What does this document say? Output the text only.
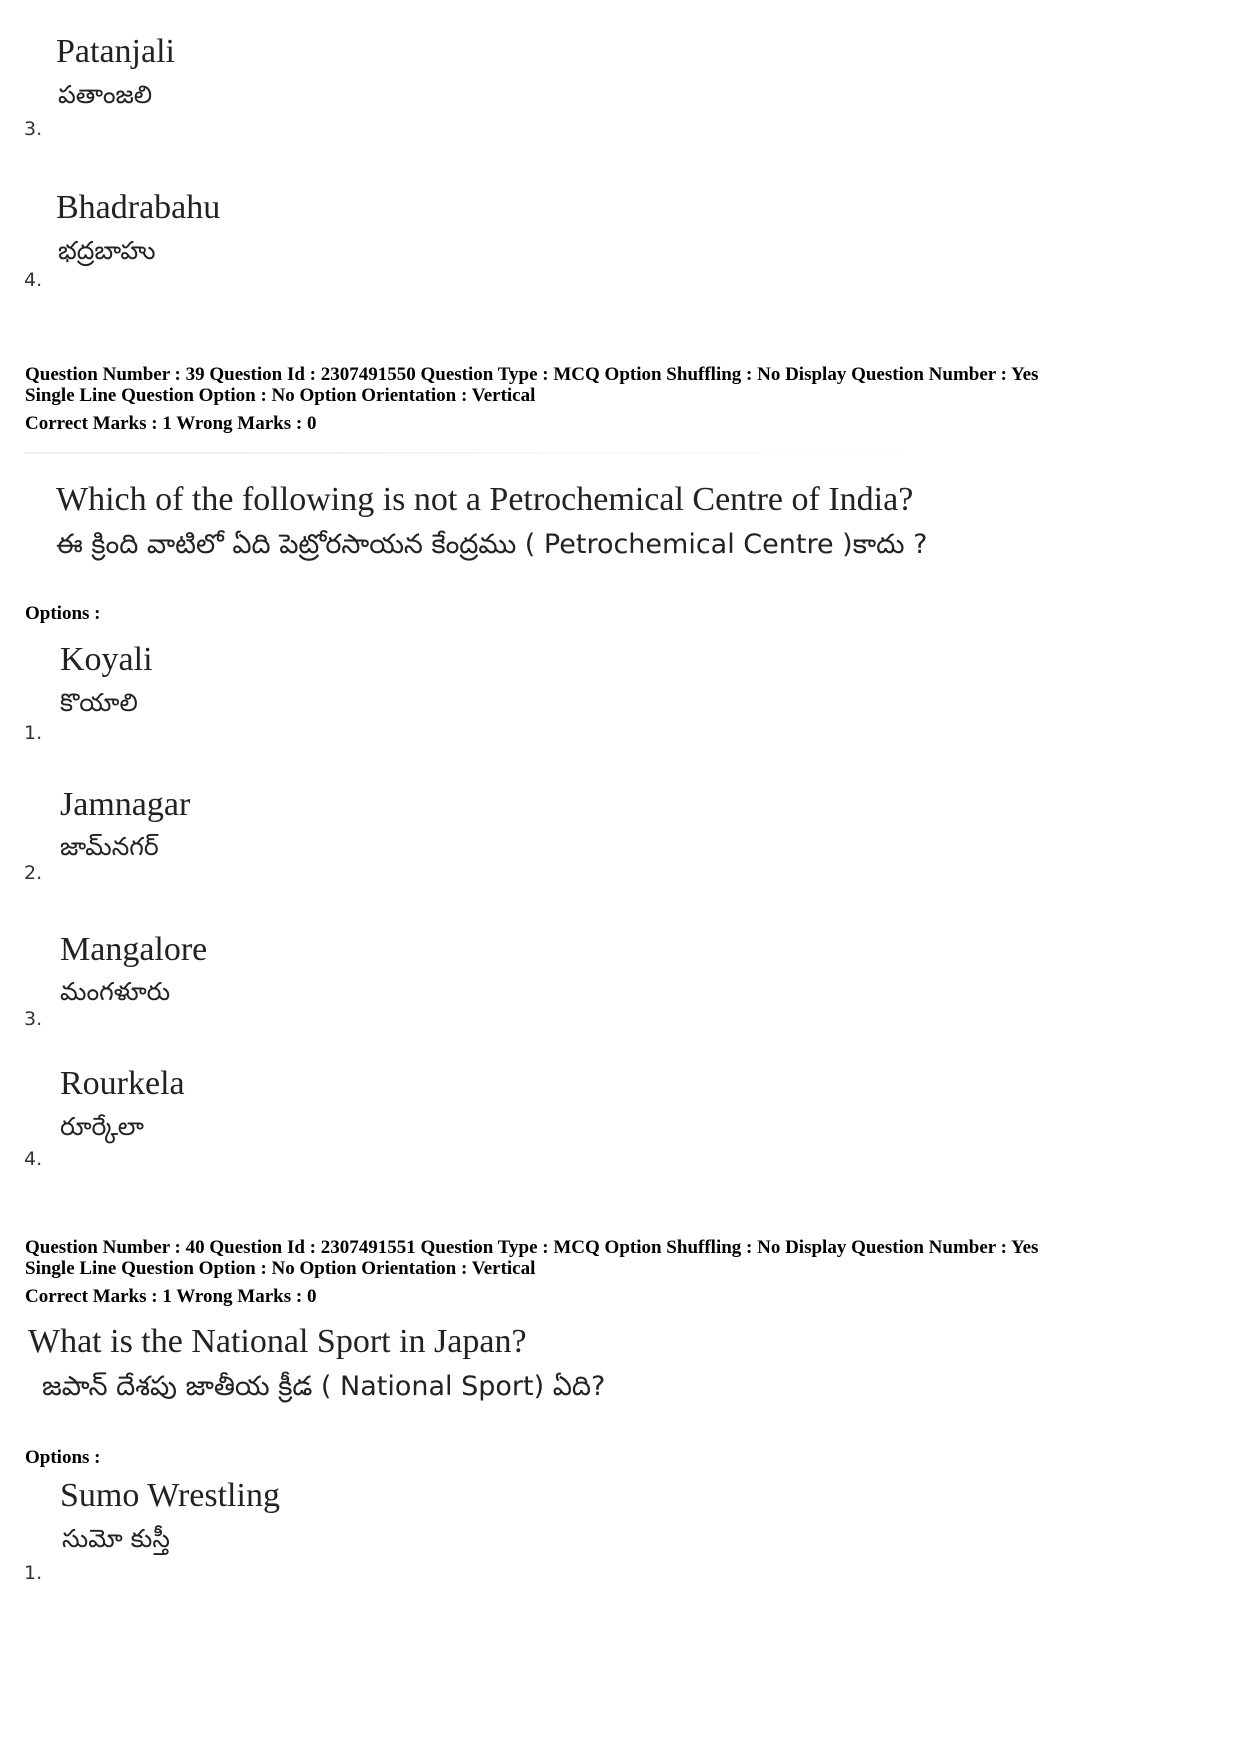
Patanjali
పతాంజలి
3.
Bhadrabahu
భద్రబాహు
4.
Question Number : 39 Question Id : 2307491550 Question Type : MCQ Option Shuffling : No Display Question Number : Yes
Single Line Question Option : No Option Orientation : Vertical
Correct Marks : 1 Wrong Marks : 0
Which of the following is not a Petrochemical Centre of India?
ఈ క్రింది వాటిలో ఏది పెట్రోరసాయన కేంద్రము ( Petrochemical Centre )కాదు ?
Options :
Koyali
కొయాలి
1.
Jamnagar
జామ్‌నగర్
2.
Mangalore
మంగళూరు
3.
Rourkela
రూర్కేలా
4.
Question Number : 40 Question Id : 2307491551 Question Type : MCQ Option Shuffling : No Display Question Number : Yes
Single Line Question Option : No Option Orientation : Vertical
Correct Marks : 1 Wrong Marks : 0
What is the National Sport in Japan?
జపాన్ దేశపు జాతీయ క్రీడ ( National Sport) ఏది?
Options :
Sumo Wrestling
సుమో కుస్తీ
1.
